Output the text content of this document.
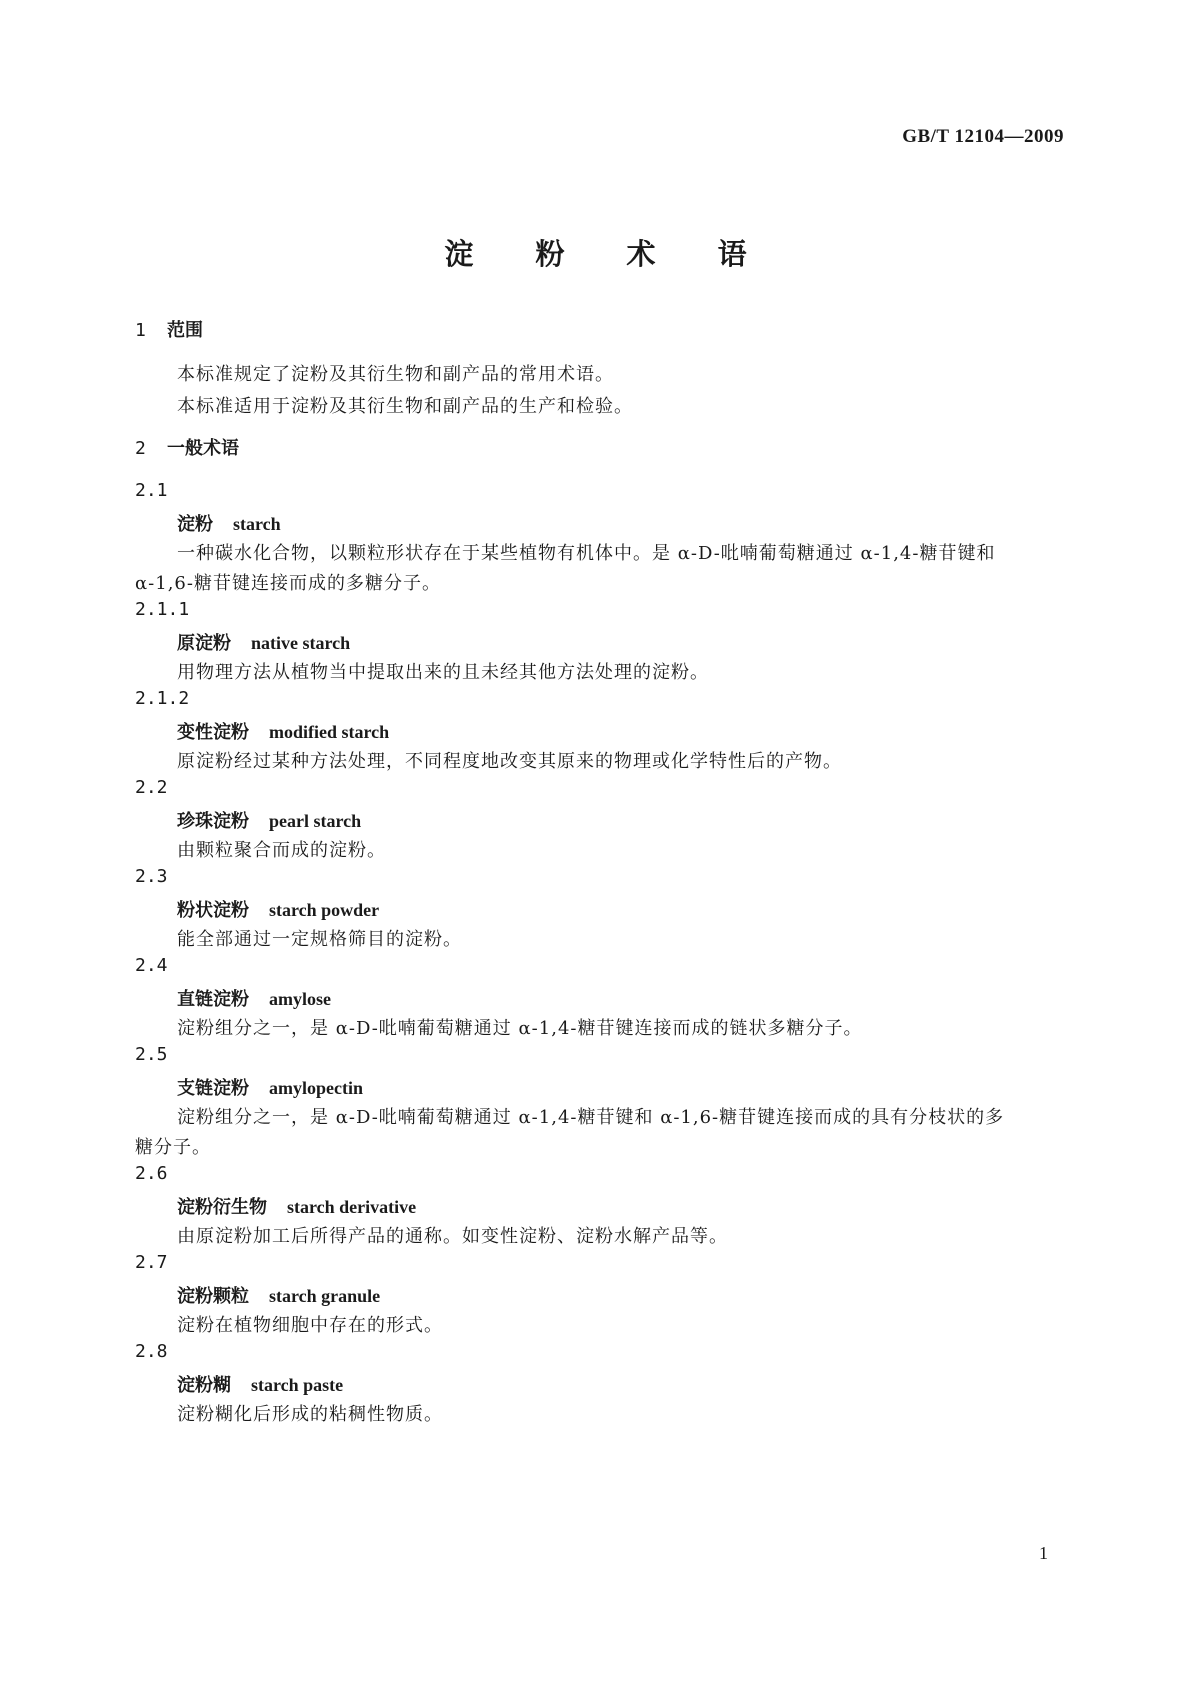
GB/T 12104—2009
淀 粉 术 语
1 范围
本标准规定了淀粉及其衍生物和副产品的常用术语。
本标准适用于淀粉及其衍生物和副产品的生产和检验。
2 一般术语
2.1
淀粉 starch
一种碳水化合物，以颗粒形状存在于某些植物有机体中。是 α-D-吡喃葡萄糖通过 α-1,4-糖苷键和
α-1,6-糖苷键连接而成的多糖分子。
2.1.1
原淀粉 native starch
用物理方法从植物当中提取出来的且未经其他方法处理的淀粉。
2.1.2
变性淀粉 modified starch
原淀粉经过某种方法处理，不同程度地改变其原来的物理或化学特性后的产物。
2.2
珍珠淀粉 pearl starch
由颗粒聚合而成的淀粉。
2.3
粉状淀粉 starch powder
能全部通过一定规格筛目的淀粉。
2.4
直链淀粉 amylose
淀粉组分之一，是 α-D-吡喃葡萄糖通过 α-1,4-糖苷键连接而成的链状多糖分子。
2.5
支链淀粉 amylopectin
淀粉组分之一，是 α-D-吡喃葡萄糖通过 α-1,4-糖苷键和 α-1,6-糖苷键连接而成的具有分枝状的多
糖分子。
2.6
淀粉衍生物 starch derivative
由原淀粉加工后所得产品的通称。如变性淀粉、淀粉水解产品等。
2.7
淀粉颗粒 starch granule
淀粉在植物细胞中存在的形式。
2.8
淀粉糊 starch paste
淀粉糊化后形成的粘稠性物质。
1
